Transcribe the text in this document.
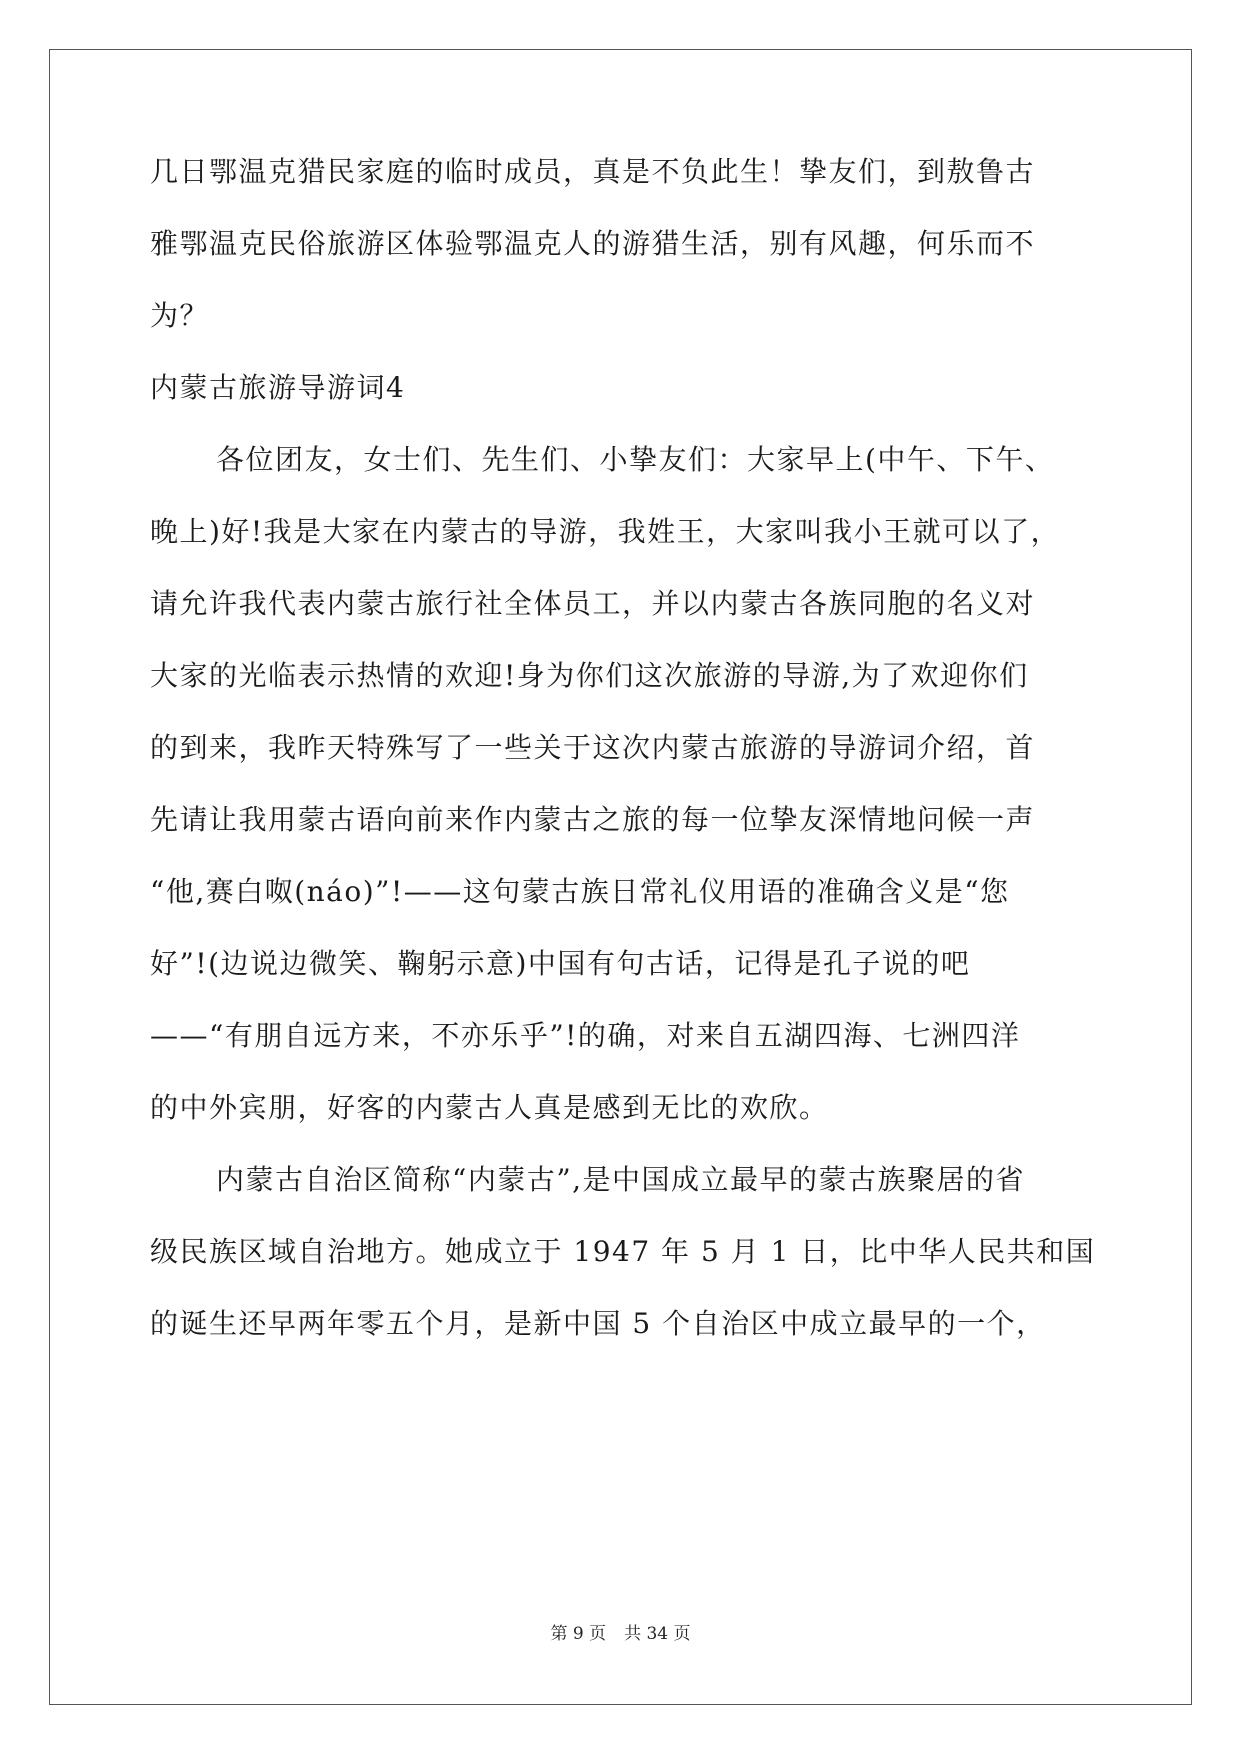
几日鄂温克猎民家庭的临时成员，真是不负此生！挚友们，到敖鲁古
雅鄂温克民俗旅游区体验鄂温克人的游猎生活，别有风趣，何乐而不
为？
内蒙古旅游导游词4
各位团友，女士们、先生们、小挚友们：大家早上(中午、下午、
晚上)好!我是大家在内蒙古的导游，我姓王，大家叫我小王就可以了，
请允许我代表内蒙古旅行社全体员工，并以内蒙古各族同胞的名义对
大家的光临表示热情的欢迎!身为你们这次旅游的导游,为了欢迎你们
的到来，我昨天特殊写了一些关于这次内蒙古旅游的导游词介绍，首
先请让我用蒙古语向前来作内蒙古之旅的每一位挚友深情地问候一声
“他,赛白呶(náo)”!——这句蒙古族日常礼仪用语的准确含义是“您
好”!(边说边微笑、鞠躬示意)中国有句古话，记得是孔子说的吧
——“有朋自远方来，不亦乐乎”!的确，对来自五湖四海、七洲四洋
的中外宾朋，好客的内蒙古人真是感到无比的欢欣。
内蒙古自治区简称“内蒙古”,是中国成立最早的蒙古族聚居的省
级民族区域自治地方。她成立于 1947 年 5 月 1 日，比中华人民共和国
的诞生还早两年零五个月，是新中国 5 个自治区中成立最早的一个，
第 9 页 共 34 页
